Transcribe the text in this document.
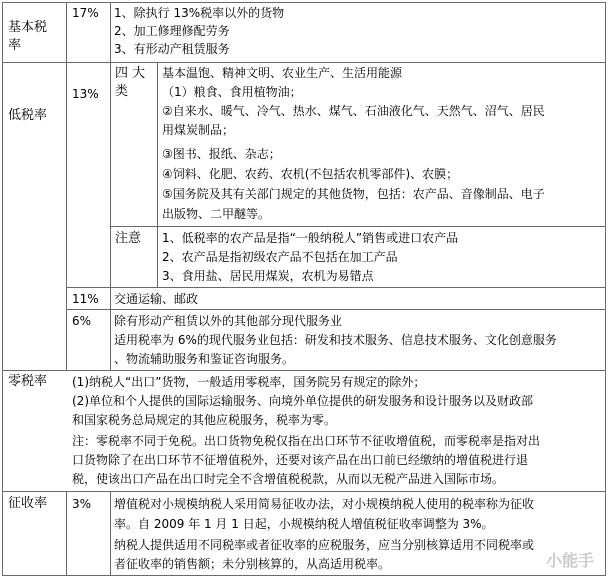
基本税
率
17% 1、除执行 13%税率以外的货物
2、加工修理修配劳务
3、有形动产租赁服务
低税率
13%
四 大
类
基本温饱、精神文明、农业生产、生活用能源
（1）粮食、食用植物油；
②自来水、暖气、冷气、热水、煤气、石油液化气、天然气、沼气、居民
用煤炭制品；
③图书、报纸、杂志；
④饲料、化肥、农药、农机(不包括农机零部件)、农膜；
⑤国务院及其有关部门规定的其他货物，包括：农产品、音像制品、电子
出版物、二甲醚等。
注意 1、低税率的农产品是指“一般纳税人”销售或进口农产品
2、农产品是指初级农产品不包括在加工产品
3、食用盐、居民用煤炭，农机为易错点
11% 交通运输、邮政
6% 除有形动产租赁以外的其他部分现代服务业
适用税率为 6%的现代服务业包括：研发和技术服务、信息技术服务、文化创意服务
、物流辅助服务和鉴证咨询服务。
零税率 (1)纳税人“出口”货物，一般适用零税率，国务院另有规定的除外；
(2)单位和个人提供的国际运输服务、向境外单位提供的研发服务和设计服务以及财政部
和国家税务总局规定的其他应税服务，税率为零。
注：零税率不同于免税。出口货物免税仅指在出口环节不征收增值税，而零税率是指对出
口货物除了在出口环节不征增值税外，还要对该产品在出口前已经缴纳的增值税进行退
税，使该出口产品在出口时完全不含增值税税款，从而以无税产品进入国际市场。
征收率 3% 增值税对小规模纳税人采用简易征收办法，对小规模纳税人使用的税率称为征收
率。自 2009 年 1 月 1 日起，小规模纳税人增值税征收率调整为 3%。
纳税人提供适用不同税率或者征收率的应税服务，应当分别核算适用不同税率或
者征收率的销售额；未分别核算的，从高适用税率。	小能手
